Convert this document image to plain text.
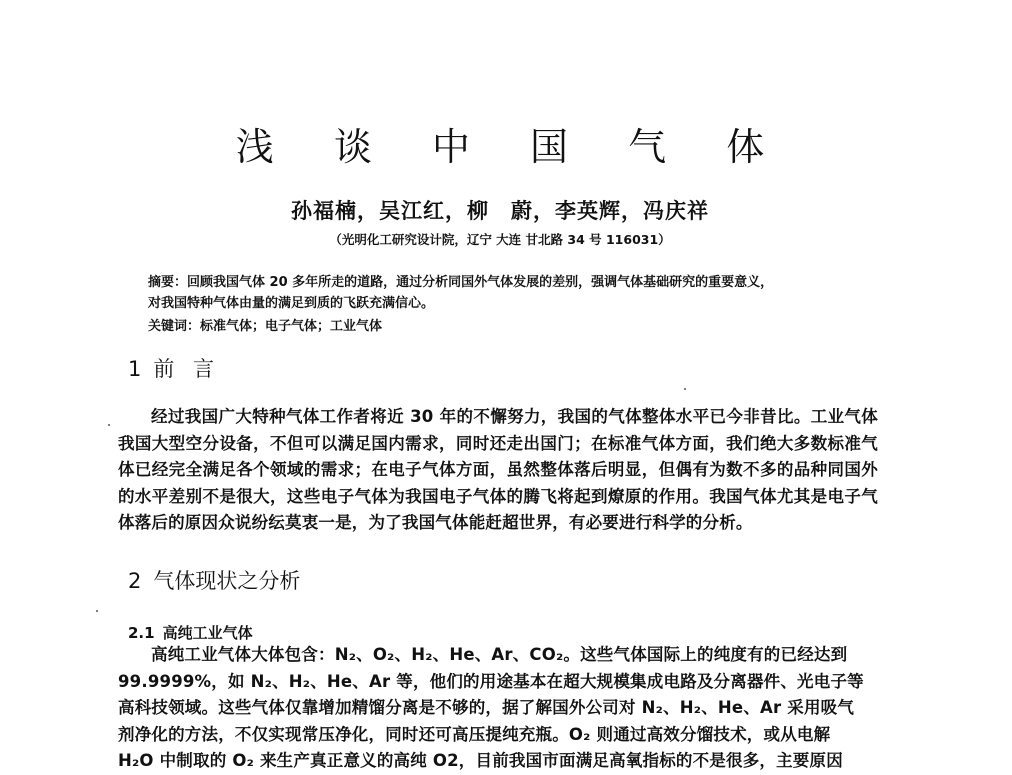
浅 谈 中 国 气 体
孙福楠，吴江红，柳　蔚，李英辉，冯庆祥
（光明化工研究设计院，辽宁 大连 甘北路 34 号 116031）

摘要：回顾我国气体 20 多年所走的道路，通过分析同国外气体发展的差别，强调气体基础研究的重要意义，

对我国特种气体由量的满足到质的飞跃充满信心。

关键词：标准气体；电子气体；工业气体
1 前 言

经过我国广大特种气体工作者将近 30 年的不懈努力，我国的气体整体水平已今非昔比。工业气体我国大型空分设备，不但可以满足国内需求，同时还走出国门；在标准气体方面，我们绝大多数标准气体已经完全满足各个领域的需求；在电子气体方面，虽然整体落后明显，但偶有为数不多的品种同国外的水平差别不是很大，这些电子气体为我国电子气体的腾飞将起到燎原的作用。我国气体尤其是电子气体落后的原因众说纷纭莫衷一是，为了我国气体能赶超世界，有必要进行科学的分析。

2 气体现状之分析
2.1 高纯工业气体
高纯工业气体大体包含：N₂、O₂、H₂、He、Ar、CO₂。这些气体国际上的纯度有的已经达到
99.9999%，如 N₂、H₂、He、Ar 等，他们的用途基本在超大规模集成电路及分离器件、光电子等
高科技领域。这些气体仅靠增加精馏分离是不够的，据了解国外公司对 N₂、H₂、He、Ar 采用吸气
剂净化的方法，不仅实现常压净化，同时还可高压提纯充瓶。O₂ 则通过高效分馏技术，或从电解
H₂O 中制取的 O₂ 来生产真正意义的高纯 O2，目前我国市面满足高氧指标的不是很多，主要原因
